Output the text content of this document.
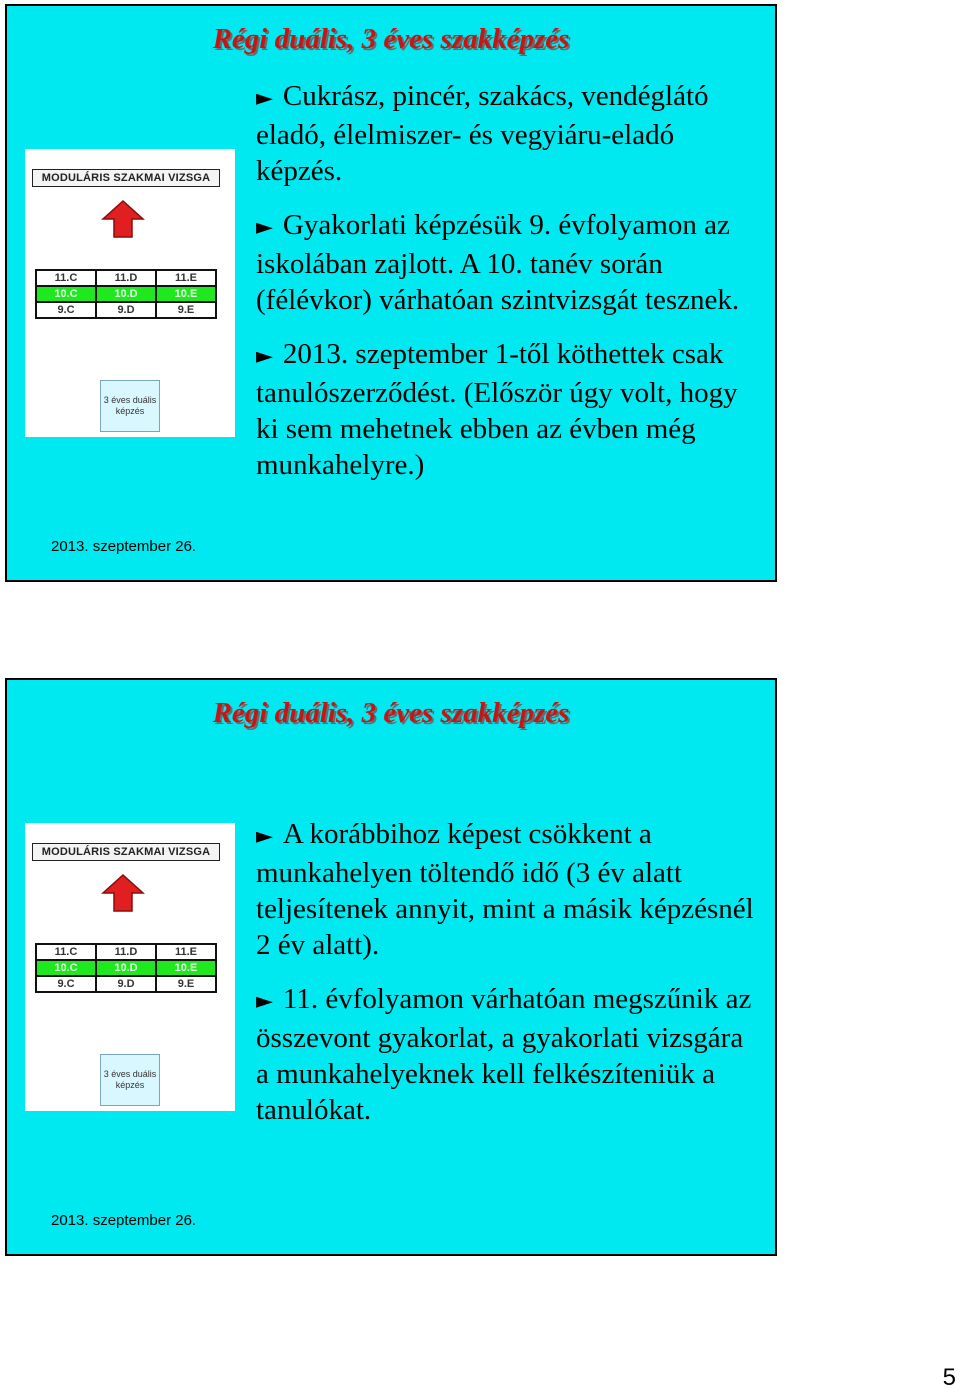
Régi duális, 3 éves szakképzés
MODULÁRIS SZAKMAI VIZSGA
11.C	11.D	11.E
10.C	10.D	10.E
9.C	9.D	9.E
3 éves duális képzés

► Cukrász, pincér, szakács, vendéglátó eladó, élelmiszer- és vegyiáru-eladó képzés.

► Gyakorlati képzésük 9. évfolyamon az iskolában zajlott. A 10. tanév során (félévkor) várhatóan szintvizsgát tesznek.

► 2013. szeptember 1-től köthettek csak tanulószerződést. (Először úgy volt, hogy ki sem mehetnek ebben az évben még munkahelyre.)

2013. szeptember 26.
Régi duális, 3 éves szakképzés
MODULÁRIS SZAKMAI VIZSGA
11.C	11.D	11.E
10.C	10.D	10.E
9.C	9.D	9.E
3 éves duális képzés

► A korábbihoz képest csökkent a munkahelyen töltendő idő (3 év alatt teljesítenek annyit, mint a másik képzésnél 2 év alatt).

► 11. évfolyamon várhatóan megszűnik az összevont gyakorlat, a gyakorlati vizsgára a munkahelyeknek kell felkészíteniük a tanulókat.

2013. szeptember 26.
5
